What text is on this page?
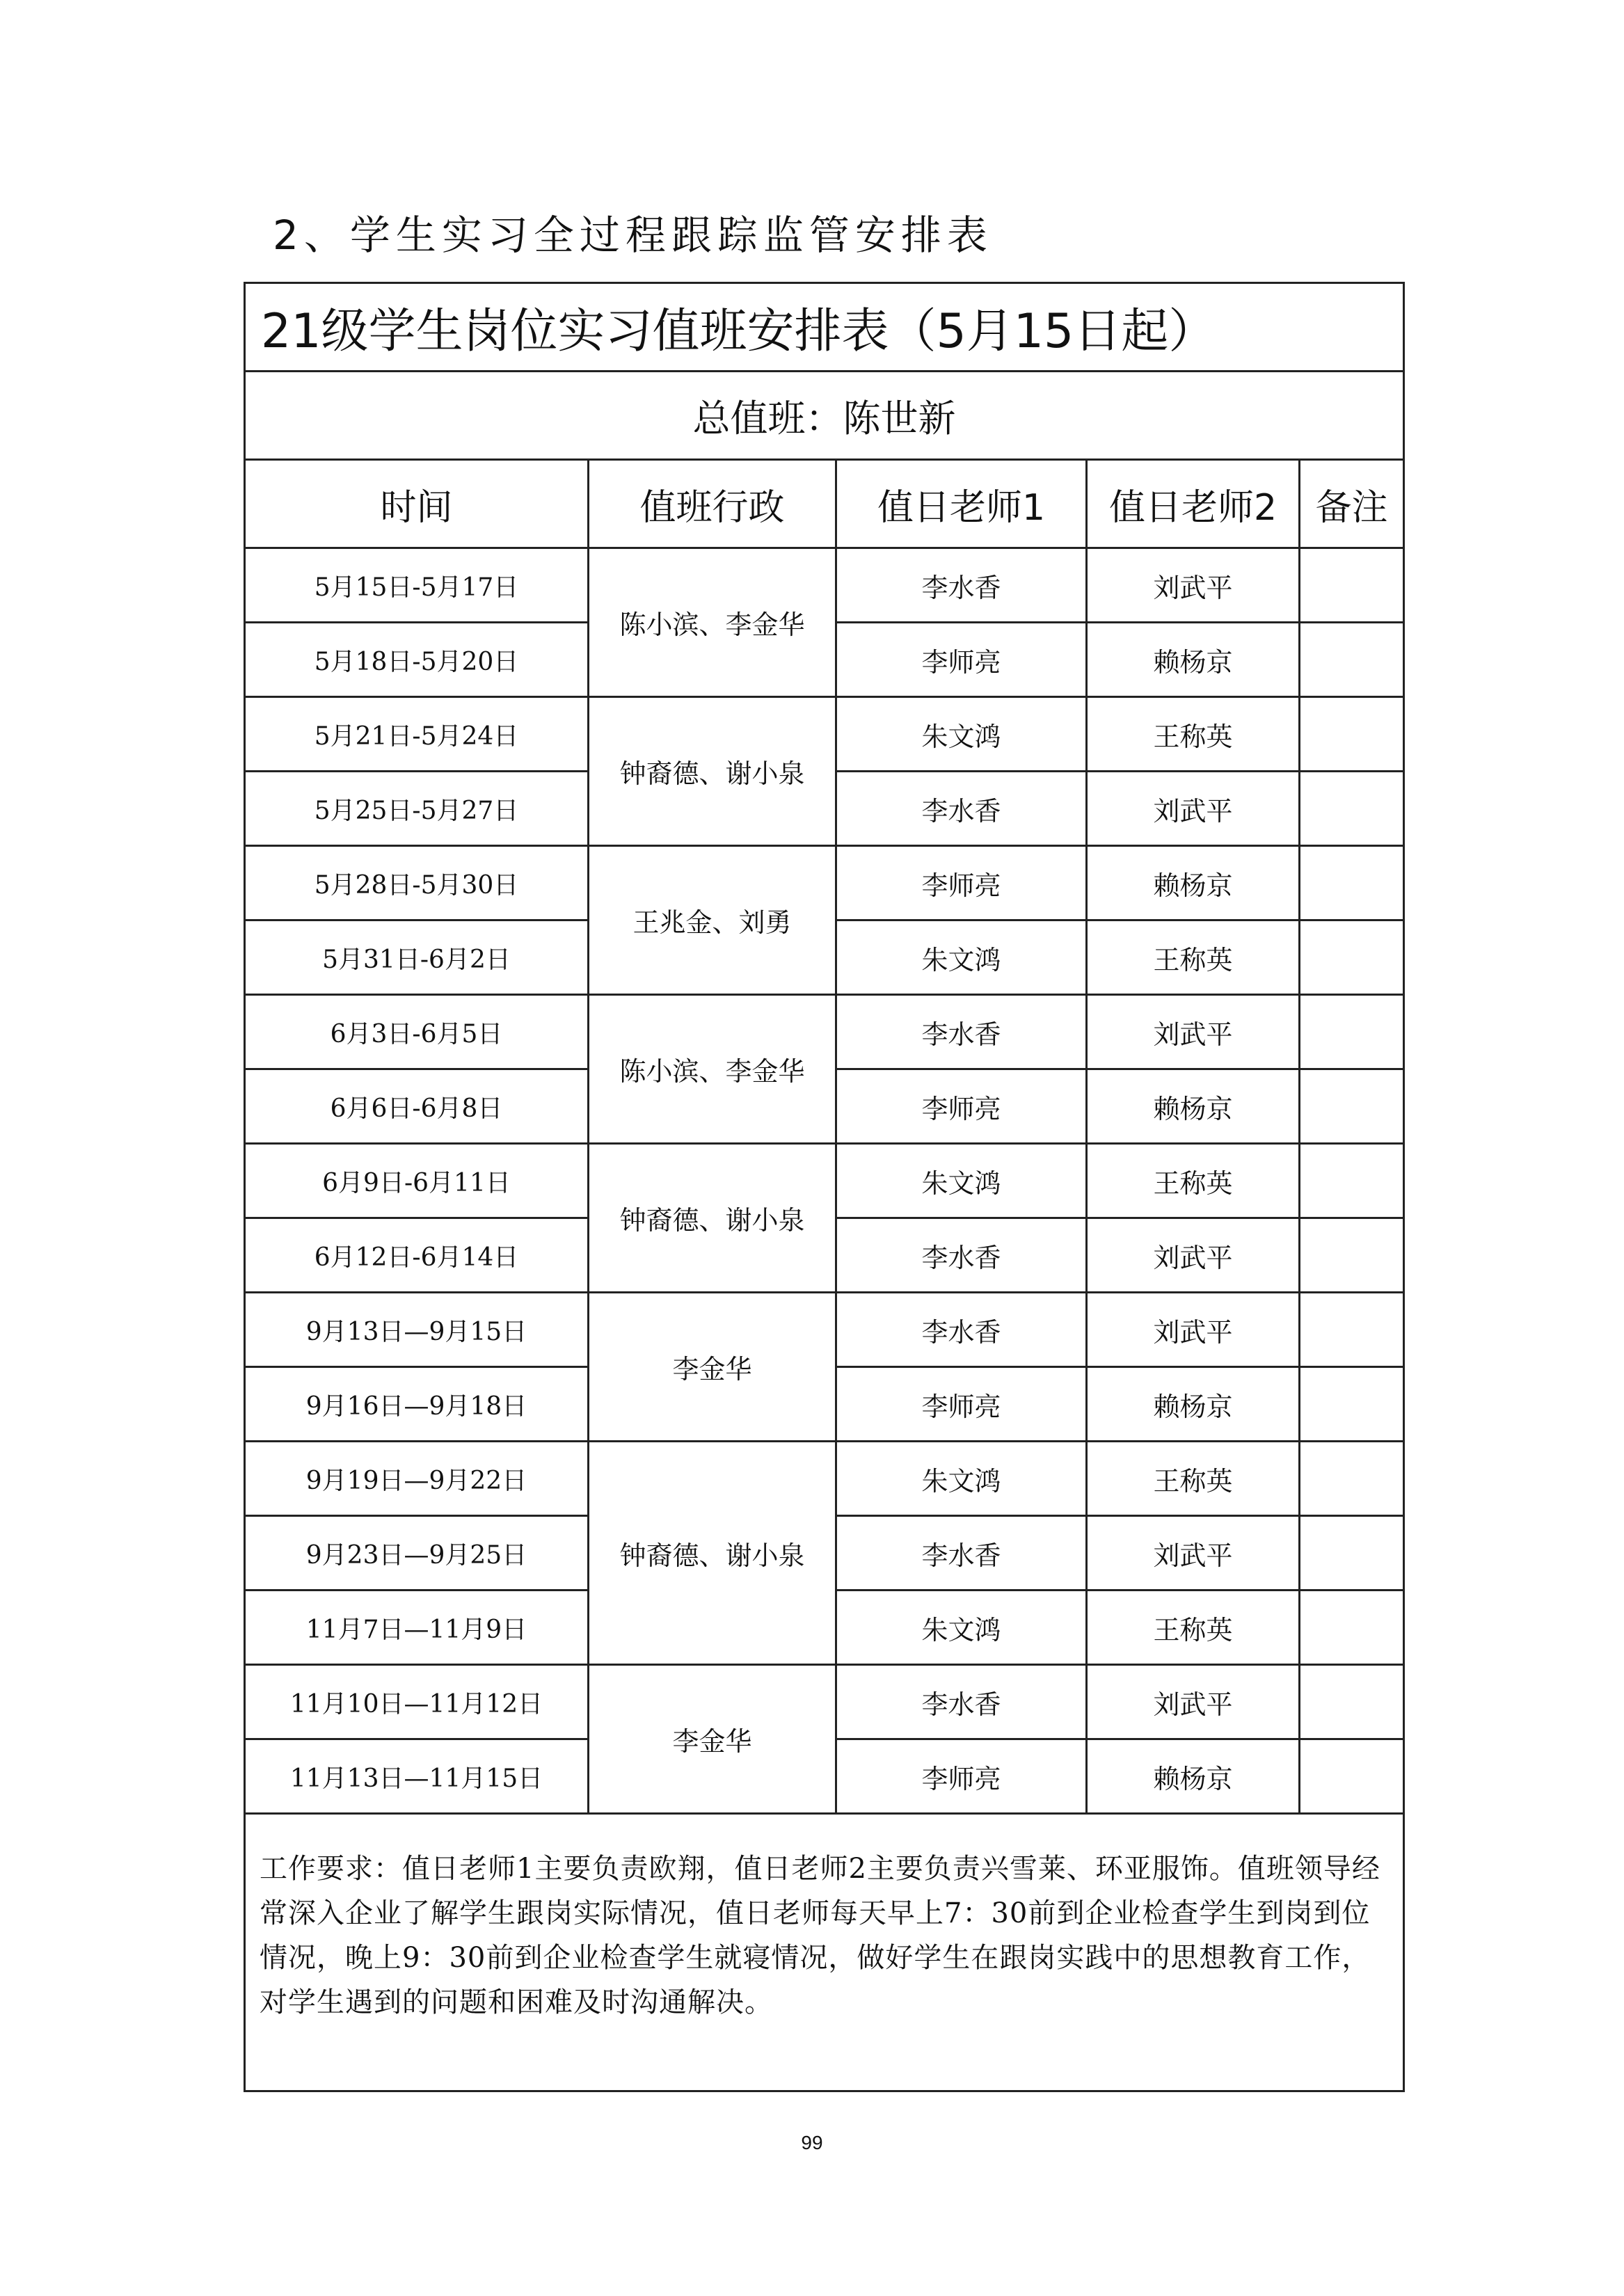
2、学生实习全过程跟踪监管安排表
21级学生岗位实习值班安排表（5月15日起）				
总值班：陈世新				
时间	值班行政	值日老师1	值日老师2	备注
5月15日-5月17日	陈小滨、李金华	李水香	刘武平	
5月18日-5月20日		李师亮	赖杨京	
5月21日-5月24日	钟裔德、谢小泉	朱文鸿	王称英	
5月25日-5月27日		李水香	刘武平	
5月28日-5月30日	王兆金、刘勇	李师亮	赖杨京	
5月31日-6月2日		朱文鸿	王称英	
6月3日-6月5日	陈小滨、李金华	李水香	刘武平	
6月6日-6月8日		李师亮	赖杨京	
6月9日-6月11日	钟裔德、谢小泉	朱文鸿	王称英	
6月12日-6月14日		李水香	刘武平	
9月13日—9月15日	李金华	李水香	刘武平	
9月16日—9月18日		李师亮	赖杨京	
9月19日—9月22日	钟裔德、谢小泉	朱文鸿	王称英	
9月23日—9月25日		李水香	刘武平	
11月7日—11月9日		朱文鸿	王称英	
11月10日—11月12日	李金华	李水香	刘武平	
11月13日—11月15日		李师亮	赖杨京	
工作要求：值日老师1主要负责欧翔，值日老师2主要负责兴雪莱、环亚服饰。值班领导经常深入企业了解学生跟岗实际情况，值日老师每天早上7：30前到企业检查学生到岗到位情况，晚上9：30前到企业检查学生就寝情况，做好学生在跟岗实践中的思想教育工作，对学生遇到的问题和困难及时沟通解决。				
99
